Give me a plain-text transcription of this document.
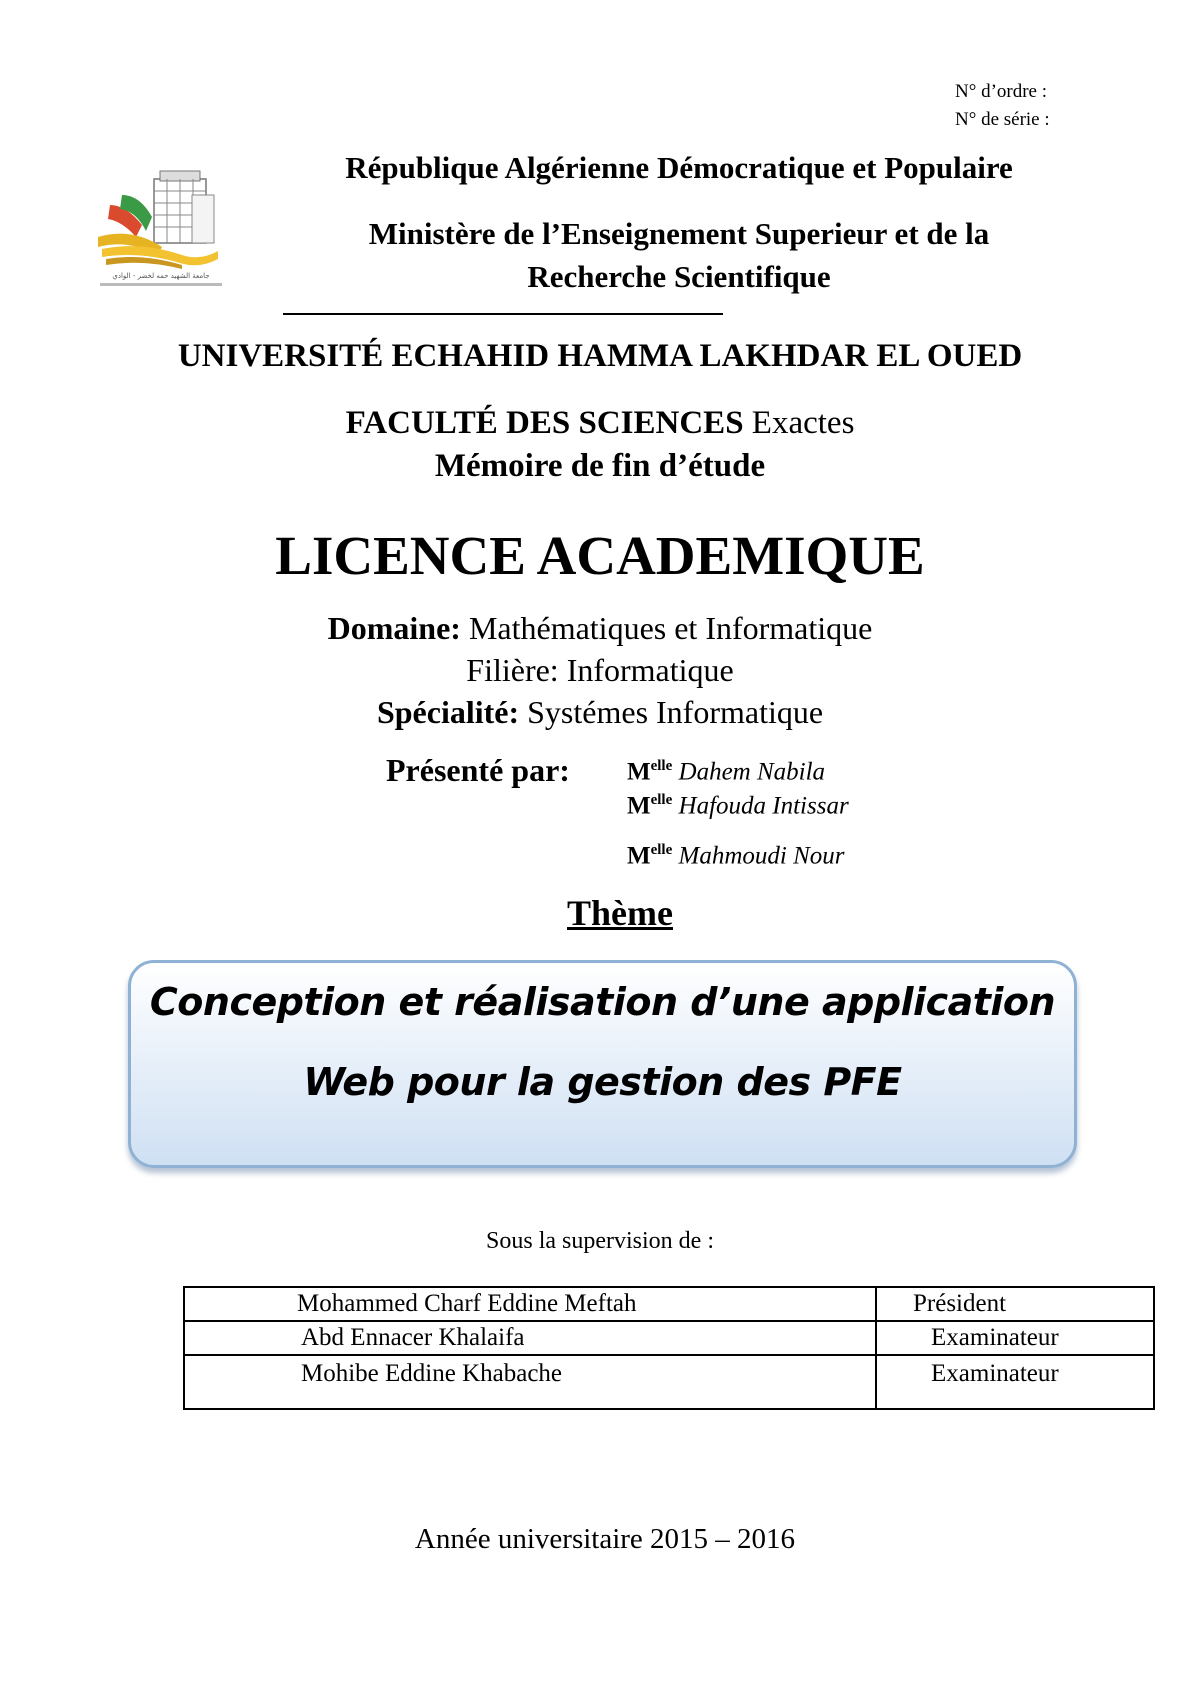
N° d’ordre :
N° de série :
جامعة الشهيد حمه لخضر - الوادي
République Algérienne Démocratique et Populaire
Ministère de l’Enseignement Superieur et de la
Recherche Scientifique
UNIVERSITÉ ECHAHID HAMMA LAKHDAR EL OUED
FACULTÉ DES SCIENCES Exactes
Mémoire de fin d’étude
LICENCE ACADEMIQUE
Domaine: Mathématiques et Informatique
Filière: Informatique
Spécialité: Systémes Informatique
Présenté par: $M^{elle}$ Dahem Nabila
$M^{elle}$ Hafouda Intissar
$M^{elle}$ Mahmoudi Nour
Thème
Conception et réalisation d’une application
Web pour la gestion des PFE
Sous la supervision de :
Mohammed Charf Eddine Meftah	Président
Abd Ennacer Khalaifa	Examinateur
Mohibe Eddine Khabache	Examinateur
Année universitaire 2015 – 2016
